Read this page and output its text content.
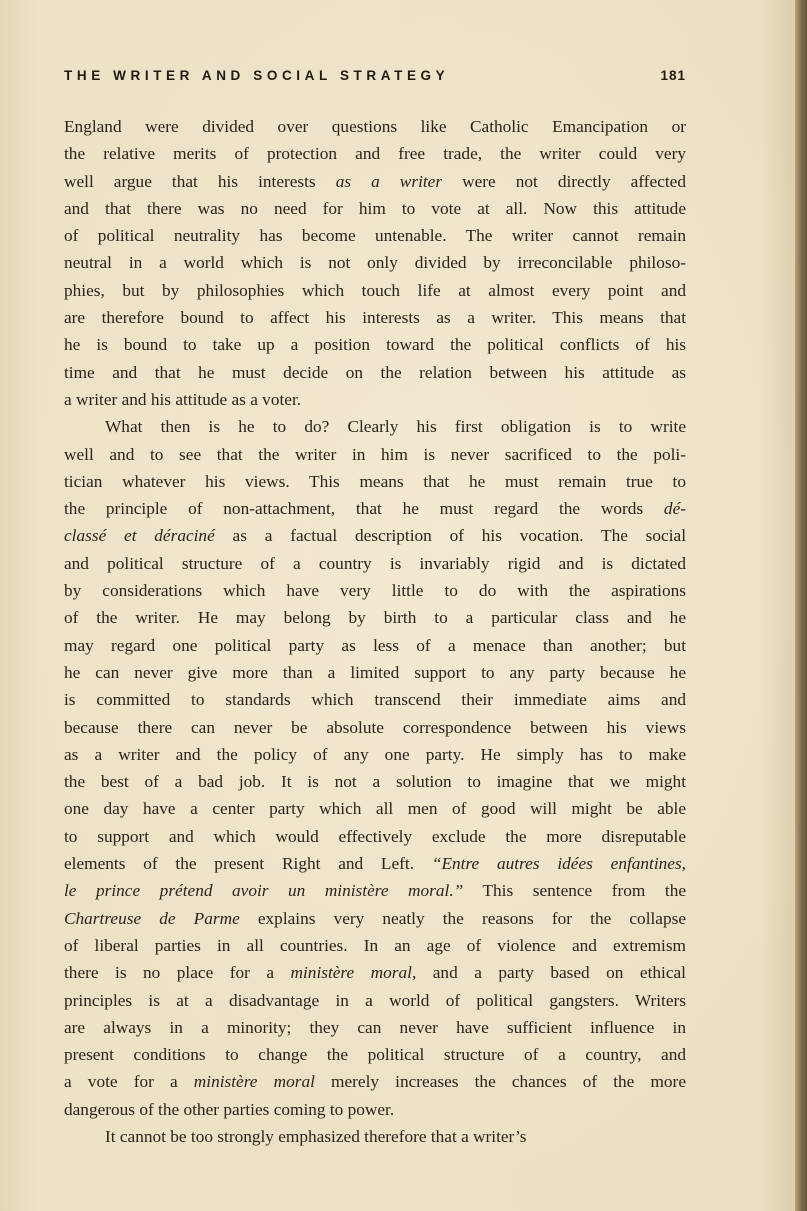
THE WRITER AND SOCIAL STRATEGY	181
England were divided over questions like Catholic Emancipation or
the relative merits of protection and free trade, the writer could very
well argue that his interests as a writer were not directly affected
and that there was no need for him to vote at all. Now this attitude
of political neutrality has become untenable. The writer cannot remain
neutral in a world which is not only divided by irreconcilable philoso-
phies, but by philosophies which touch life at almost every point and
are therefore bound to affect his interests as a writer. This means that
he is bound to take up a position toward the political conflicts of his
time and that he must decide on the relation between his attitude as
a writer and his attitude as a voter.
What then is he to do? Clearly his first obligation is to write
well and to see that the writer in him is never sacrificed to the poli-
tician whatever his views. This means that he must remain true to
the principle of non-attachment, that he must regard the words dé-
classé et déraciné as a factual description of his vocation. The social
and political structure of a country is invariably rigid and is dictated
by considerations which have very little to do with the aspirations
of the writer. He may belong by birth to a particular class and he
may regard one political party as less of a menace than another; but
he can never give more than a limited support to any party because he
is committed to standards which transcend their immediate aims and
because there can never be absolute correspondence between his views
as a writer and the policy of any one party. He simply has to make
the best of a bad job. It is not a solution to imagine that we might
one day have a center party which all men of good will might be able
to support and which would effectively exclude the more disreputable
elements of the present Right and Left. “Entre autres idées enfantines,
le prince prétend avoir un ministère moral.” This sentence from the
Chartreuse de Parme explains very neatly the reasons for the collapse
of liberal parties in all countries. In an age of violence and extremism
there is no place for a ministère moral, and a party based on ethical
principles is at a disadvantage in a world of political gangsters. Writers
are always in a minority; they can never have sufficient influence in
present conditions to change the political structure of a country, and
a vote for a ministère moral merely increases the chances of the more
dangerous of the other parties coming to power.
It cannot be too strongly emphasized therefore that a writer’s
